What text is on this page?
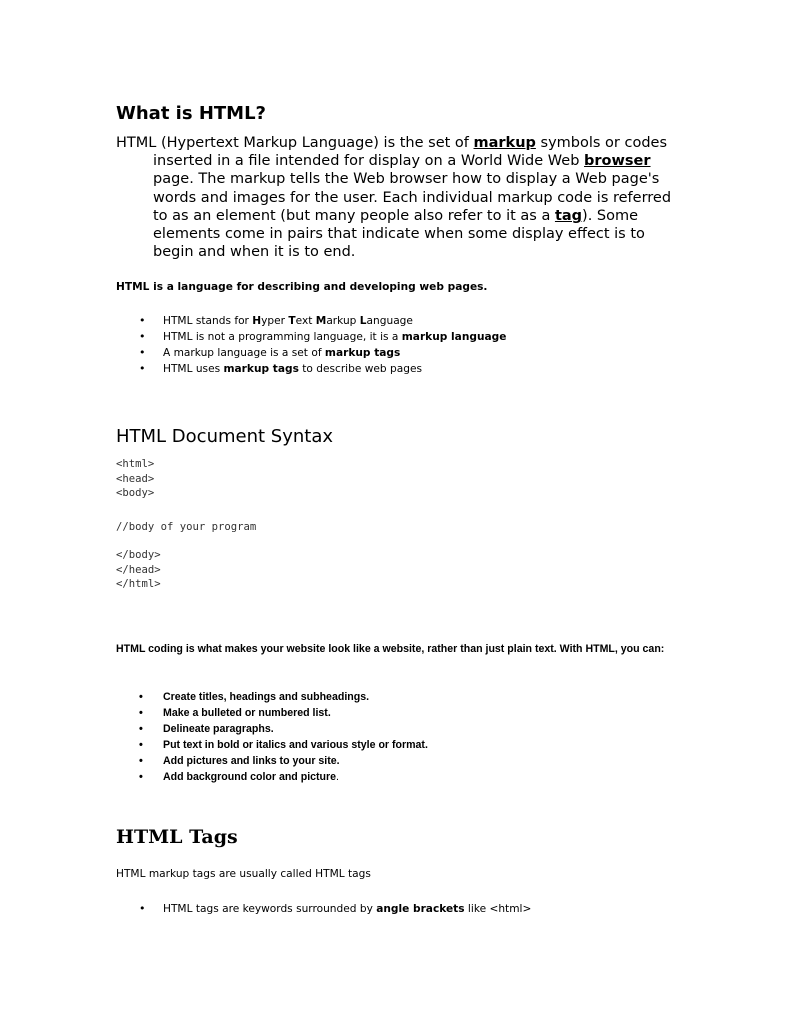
What is HTML?

HTML (Hypertext Markup Language) is the set of markup symbols or codes inserted in a file intended for display on a World Wide Web browser page. The markup tells the Web browser how to display a Web page's words and images for the user. Each individual markup code is referred to as an element (but many people also refer to it as a tag). Some elements come in pairs that indicate when some display effect is to begin and when it is to end.

HTML is a language for describing and developing web pages.

• HTML stands for Hyper Text Markup Language
• HTML is not a programming language, it is a markup language
• A markup language is a set of markup tags
• HTML uses markup tags to describe web pages
HTML Document Syntax
<html>
<head>
<body>
//body of your program
</body>
</head>
</html>

HTML coding is what makes your website look like a website, rather than just plain text. With HTML, you can:

• Create titles, headings and subheadings.
• Make a bulleted or numbered list.
• Delineate paragraphs.
• Put text in bold or italics and various style or format.
• Add pictures and links to your site.
• Add background color and picture.
HTML Tags

HTML markup tags are usually called HTML tags

• HTML tags are keywords surrounded by angle brackets like <html>
